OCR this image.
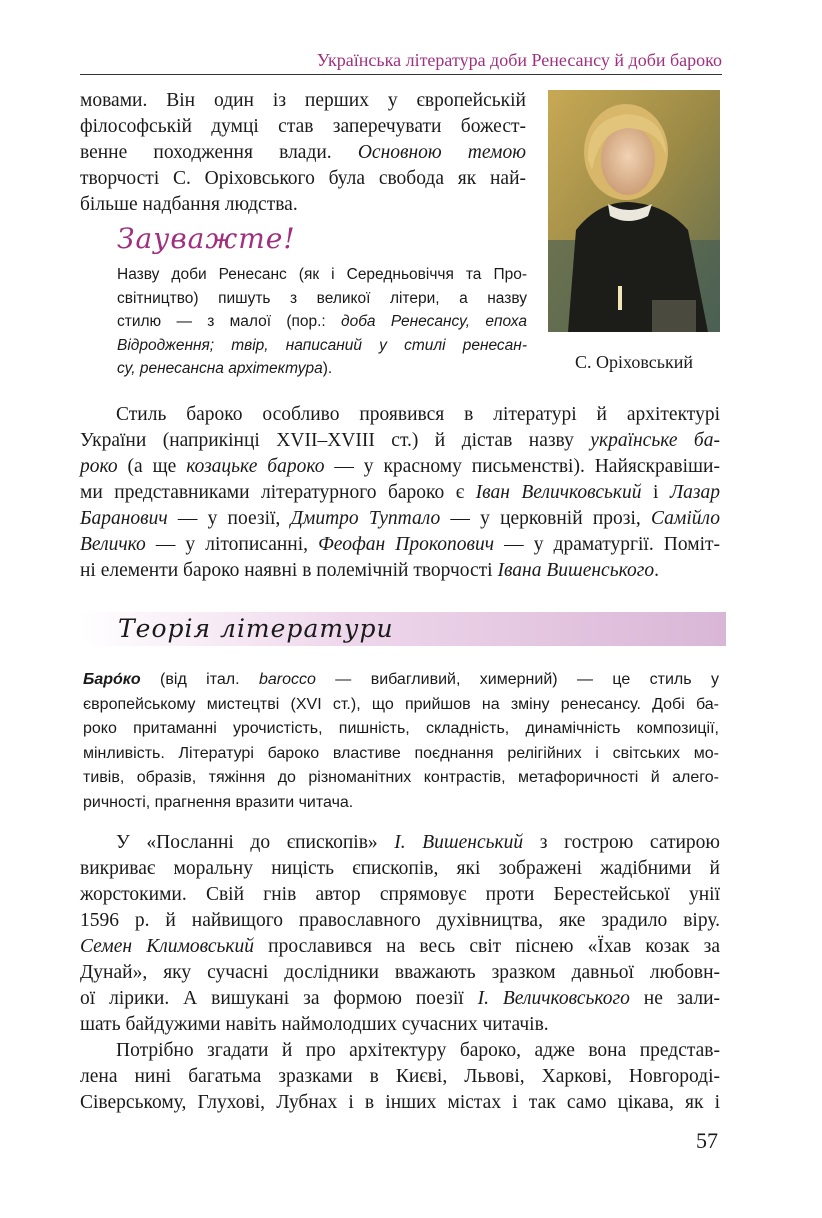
Українська література доби Ренесансу й доби бароко
мовами. Він один із перших у європейській
філософській думці став заперечувати божест-
венне походження влади. Основною темою
творчості С. Оріховського була свобода як най-
більше надбання людства.
Зауважте!
Назву доби Ренесанс (як і Середньовіччя та Про-
світництво) пишуть з великої літери, а назву
стилю — з малої (пор.: доба Ренесансу, епоха
Відродження; твір, написаний у стилі ренесан-
су, ренесансна архітектура).	С. Оріховський
Стиль бароко особливо проявився в літературі й архітектурі
України (наприкінці XVII–XVIII ст.) й дістав назву українське ба-
роко (а ще козацьке бароко — у красному письменстві). Найяскравіши-
ми представниками літературного бароко є Іван Величковський і Лазар
Баранович — у поезії, Дмитро Туптало — у церковній прозі, Самійло
Величко — у літописанні, Феофан Прокопович — у драматургії. Поміт-
ні елементи бароко наявні в полемічній творчості Івана Вишенського.
Теорія літератури
Баро́ко (від італ. barocco — вибагливий, химерний) — це стиль у
європейському мистецтві (XVI ст.), що прийшов на зміну ренесансу. Добі ба-
роко притаманні урочистість, пишність, складність, динамічність композиції,
мінливість. Літературі бароко властиве поєднання релігійних і світських мо-
тивів, образів, тяжіння до різноманітних контрастів, метафоричності й алего-
ричності, прагнення вразити читача.
У «Посланні до єпископів» І. Вишенський з гострою сатирою
викриває моральну ницість єпископів, які зображені жадібними й
жорстокими. Свій гнів автор спрямовує проти Берестейської унії
1596 р. й найвищого православного духівництва, яке зрадило віру.
Семен Климовський прославився на весь світ піснею «Їхав козак за
Дунай», яку сучасні дослідники вважають зразком давньої любовн-
ої лірики. А вишукані за формою поезії І. Величковського не зали-
шать байдужими навіть наймолодших сучасних читачів.
Потрібно згадати й про архітектуру бароко, адже вона представ-
лена нині багатьма зразками в Києві, Львові, Харкові, Новгороді-
Сіверському, Глухові, Лубнах і в інших містах і так само цікава, як і
57
